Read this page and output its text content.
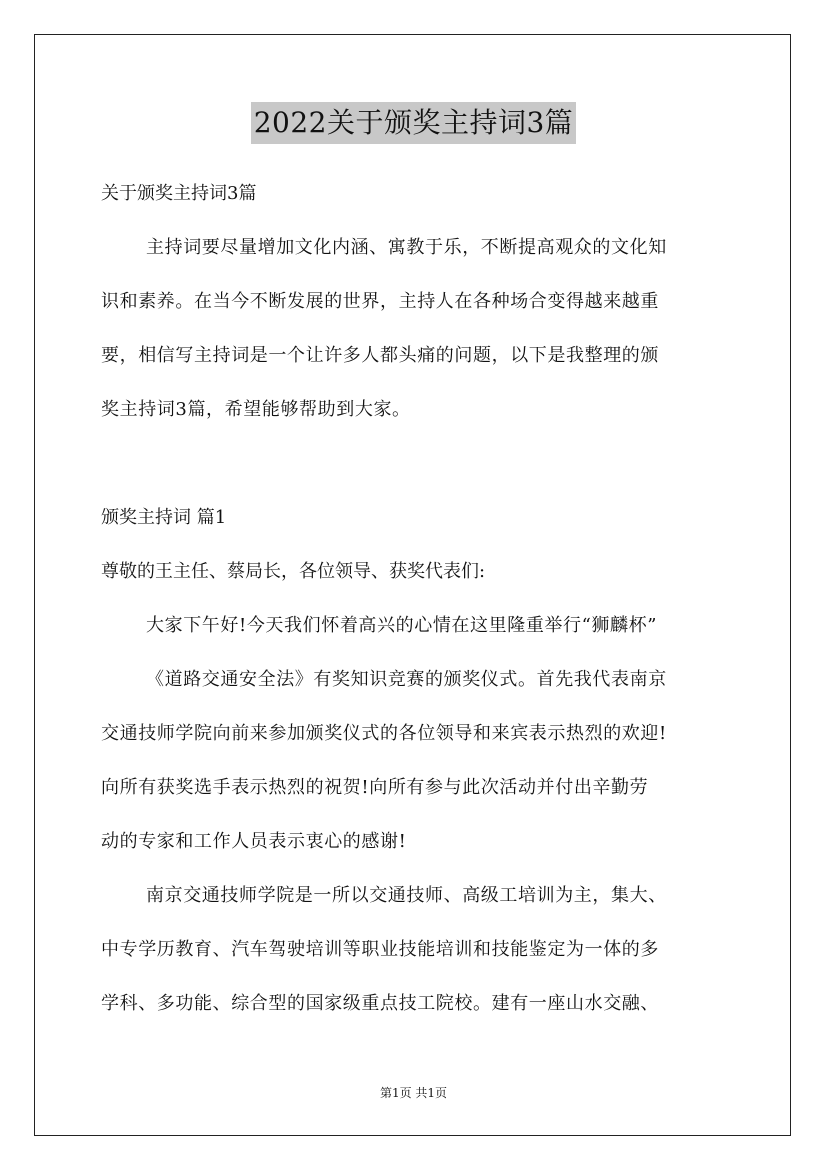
2022关于颁奖主持词3篇
关于颁奖主持词3篇
主持词要尽量增加文化内涵、寓教于乐，不断提高观众的文化知
识和素养。在当今不断发展的世界，主持人在各种场合变得越来越重
要，相信写主持词是一个让许多人都头痛的问题，以下是我整理的颁
奖主持词3篇，希望能够帮助到大家。
颁奖主持词 篇1
尊敬的王主任、蔡局长，各位领导、获奖代表们:
大家下午好!今天我们怀着高兴的心情在这里隆重举行“狮麟杯”
《道路交通安全法》有奖知识竞赛的颁奖仪式。首先我代表南京
交通技师学院向前来参加颁奖仪式的各位领导和来宾表示热烈的欢迎!
向所有获奖选手表示热烈的祝贺!向所有参与此次活动并付出辛勤劳
动的专家和工作人员表示衷心的感谢!
南京交通技师学院是一所以交通技师、高级工培训为主，集大、
中专学历教育、汽车驾驶培训等职业技能培训和技能鉴定为一体的多
学科、多功能、综合型的国家级重点技工院校。建有一座山水交融、
第1页 共1页
